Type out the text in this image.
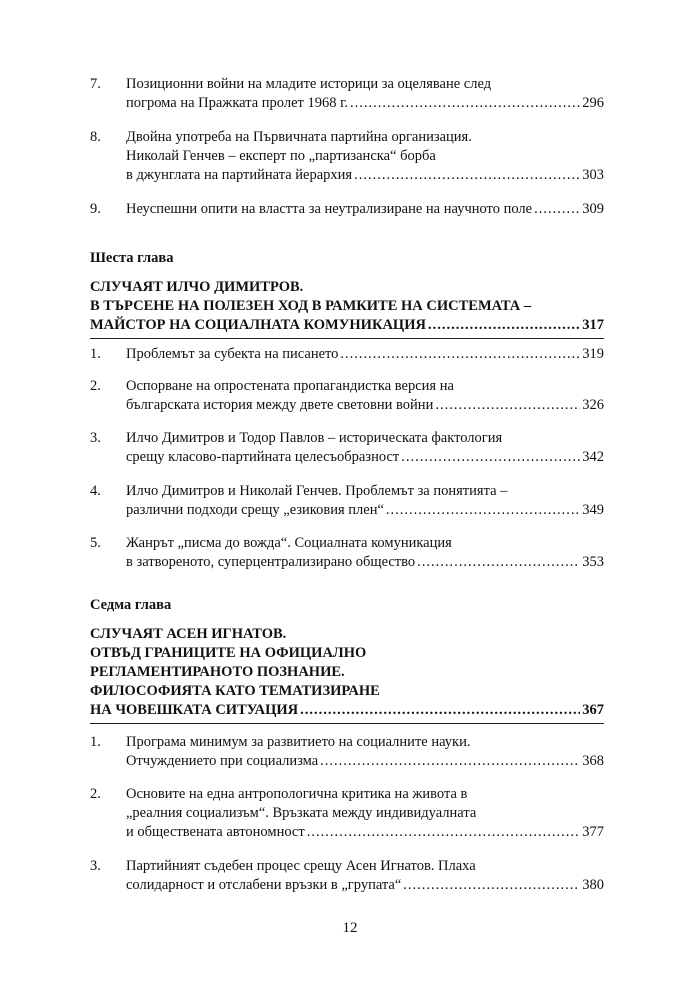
7. Позиционни войни на младите историци за оцеляване след
погрома на Пражката пролет 1968 г. .....	296
8. Двойна употреба на Първичната партийна организация.
Николай Генчев – експерт по „партизанска“ борба
в джунглата на партийната йерархия .....	303
9. Неуспешни опити на властта за неутрализиране на научното поле .....	309
Шеста глава
СЛУЧАЯТ ИЛЧО ДИМИТРОВ.
В ТЪРСЕНЕ НА ПОЛЕЗЕН ХОД В РАМКИТЕ НА СИСТЕМАТА –
МАЙСТОР НА СОЦИАЛНАТА КОМУНИКАЦИЯ .....	317
1. Проблемът за субекта на писането .....	319
2. Оспорване на опростената пропагандистка версия на
българската история между двете световни войни .....	326
3. Илчо Димитров и Тодор Павлов – историческата фактология
срещу класово-партийната целесъобразност .....	342
4. Илчо Димитров и Николай Генчев. Проблемът за понятията –
различни подходи срещу „езиковия плен“ .....	349
5. Жанрът „писма до вожда“. Социалната комуникация
в затвореното, суперцентрализирано общество .....	353
Седма глава
СЛУЧАЯТ АСЕН ИГНАТОВ.
ОТВЪД ГРАНИЦИТЕ НА ОФИЦИАЛНО
РЕГЛАМЕНТИРАНОТО ПОЗНАНИЕ.
ФИЛОСОФИЯТА КАТО ТЕМАТИЗИРАНЕ
НА ЧОВЕШКАТА СИТУАЦИЯ .....	367
1. Програма минимум за развитието на социалните науки.
Отчуждението при социализма .....	368
2. Основите на една антропологична критика на живота в
„реалния социализъм“. Връзката между индивидуалната
и обществената автономност .....	377
3. Партийният съдебен процес срещу Асен Игнатов. Плаха
солидарност и отслабени връзки в „групата“ .....	380
12
